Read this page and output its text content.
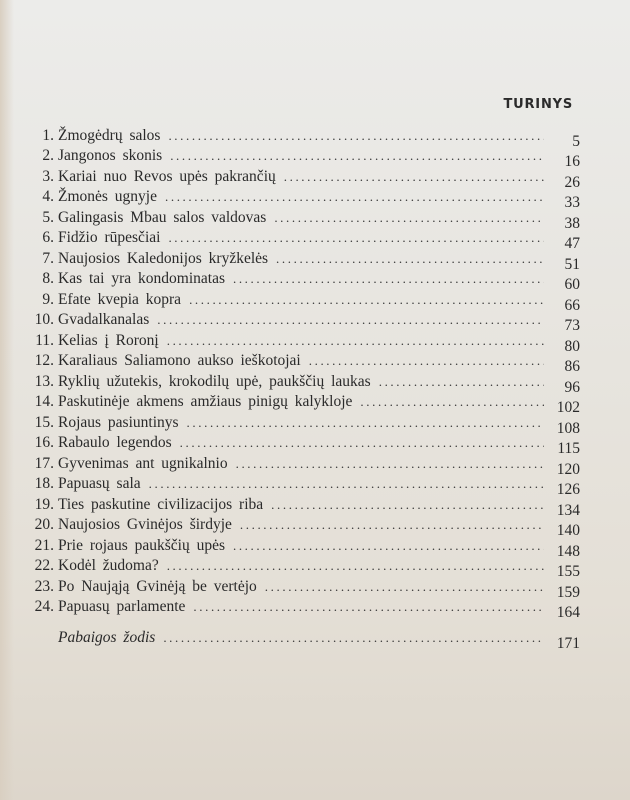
TURINYS
1. Žmogėdrų salos .....	5
2. Jangonos skonis .....	16
3. Kariai nuo Revos upės pakrančių .....	26
4. Žmonės ugnyje .....	33
5. Galingasis Mbau salos valdovas .....	38
6. Fidžio rūpesčiai .....	47
7. Naujosios Kaledonijos kryžkelės .....	51
8. Kas tai yra kondominatas .....	60
9. Efate kvepia kopra .....	66
10. Gvadalkanalas .....	73
11. Kelias į Roronį .....	80
12. Karaliaus Saliamono aukso ieškotojai .....	86
13. Ryklių užutekis, krokodilų upė, paukščių laukas .....	96
14. Paskutinėje akmens amžiaus pinigų kalykloje .....	102
15. Rojaus pasiuntinys .....	108
16. Rabaulo legendos .....	115
17. Gyvenimas ant ugnikalnio .....	120
18. Papuasų sala .....	126
19. Ties paskutine civilizacijos riba .....	134
20. Naujosios Gvinėjos širdyje .....	140
21. Prie rojaus paukščių upės .....	148
22. Kodėl žudoma? .....	155
23. Po Naująją Gvinėją be vertėjo .....	159
24. Papuasų parlamente .....	164
Pabaigos žodis .....	171
